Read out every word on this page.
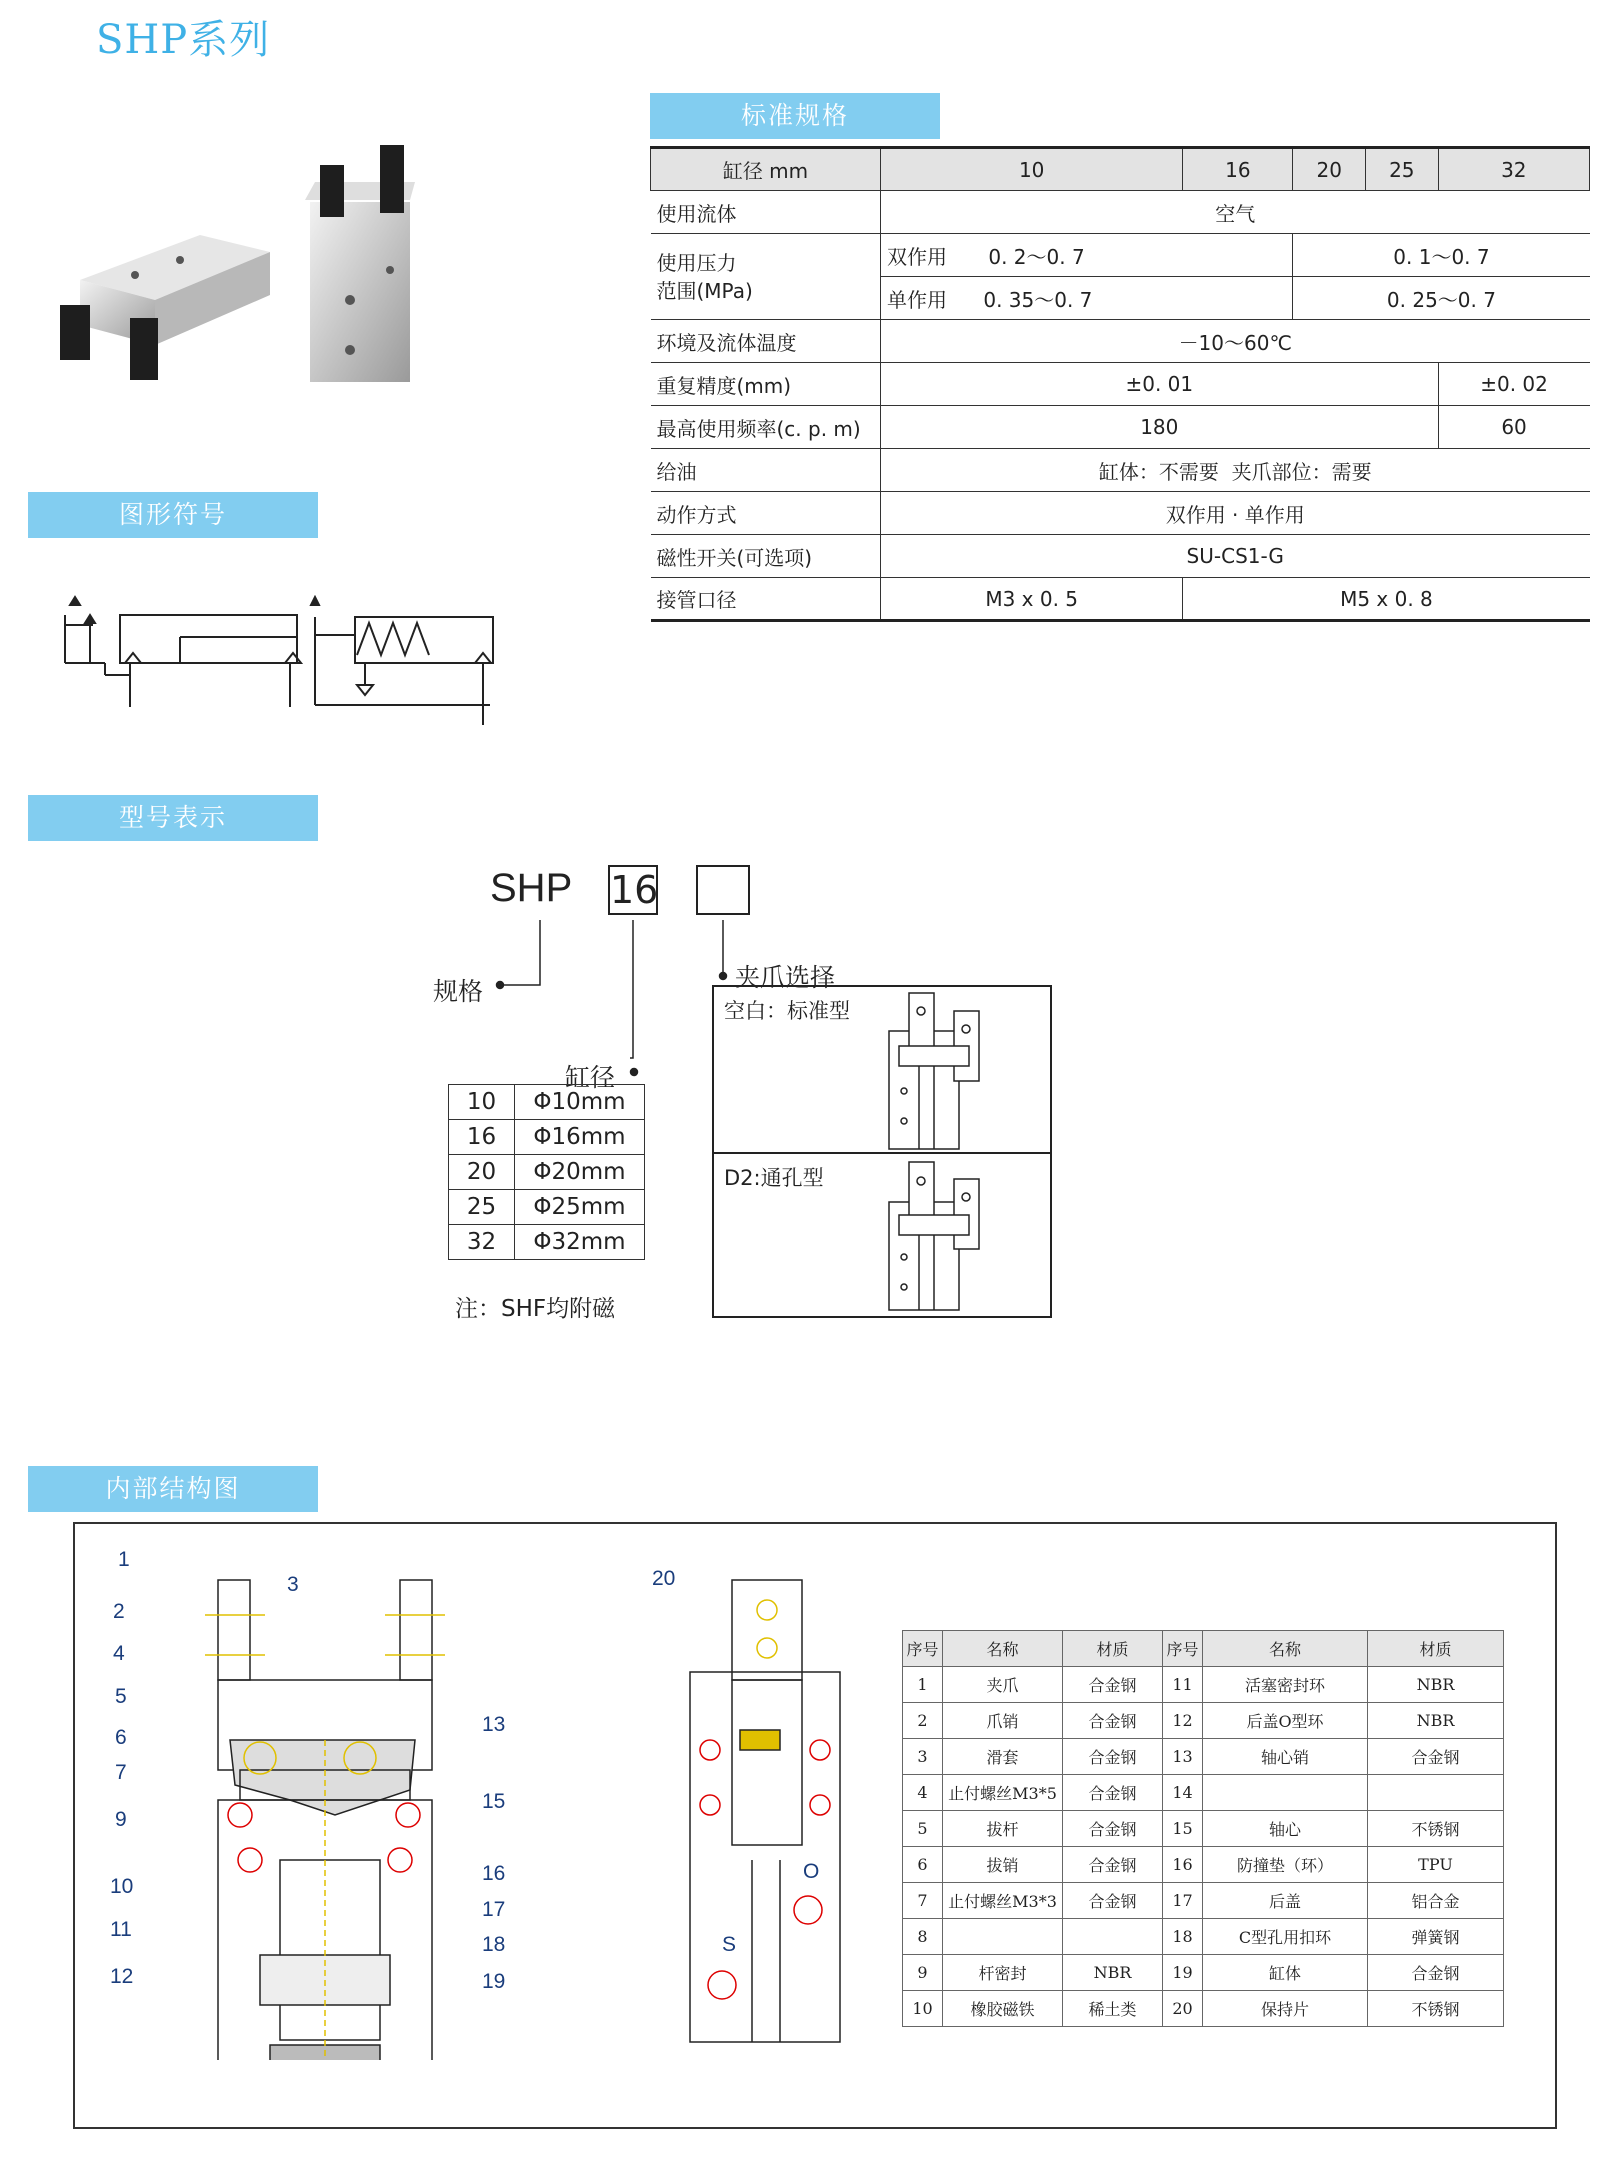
SHP系列
标准规格
图形符号
型号表示
内部结构图
缸径 mm	10	16	20	25	32
使用流体	空气				
使用压力
范围(MPa)	双作用 0. 2～0. 7		0. 1～0. 7		
	单作用 0. 35～0. 7		0. 25～0. 7		
环境及流体温度	－10～60℃				
重复精度(mm)	±0. 01				±0. 02
最高使用频率(c. p. m)	180				60
给油	缸体：不需要  夹爪部位：需要				
动作方式	双作用 · 单作用				
磁性开关(可选项)	SU-CS1-G				
接管口径	M3 x 0. 5	M5 x 0. 8			
SHP 16
规格
缸径
夹爪选择
10	Φ10mm
16	Φ16mm
20	Φ20mm
25	Φ25mm
32	Φ32mm
注：SHF均附磁
空白：标准型
D2:通孔型
1
2
4
5
6
7
9
10
11
12
3
13
15
16
17
18
19
20
O
S
序号	名称	材质	序号	名称	材质
1	夹爪	合金钢	11	活塞密封环	NBR
2	爪销	合金钢	12	后盖O型环	NBR
3	滑套	合金钢	13	轴心销	合金钢
4	止付螺丝M3*5	合金钢	14		
5	拔杆	合金钢	15	轴心	不锈钢
6	拔销	合金钢	16	防撞垫（环）	TPU
7	止付螺丝M3*3	合金钢	17	后盖	铝合金
8			18	C型孔用扣环	弹簧钢
9	杆密封	NBR	19	缸体	合金钢
10	橡胶磁铁	稀土类	20	保持片	不锈钢
